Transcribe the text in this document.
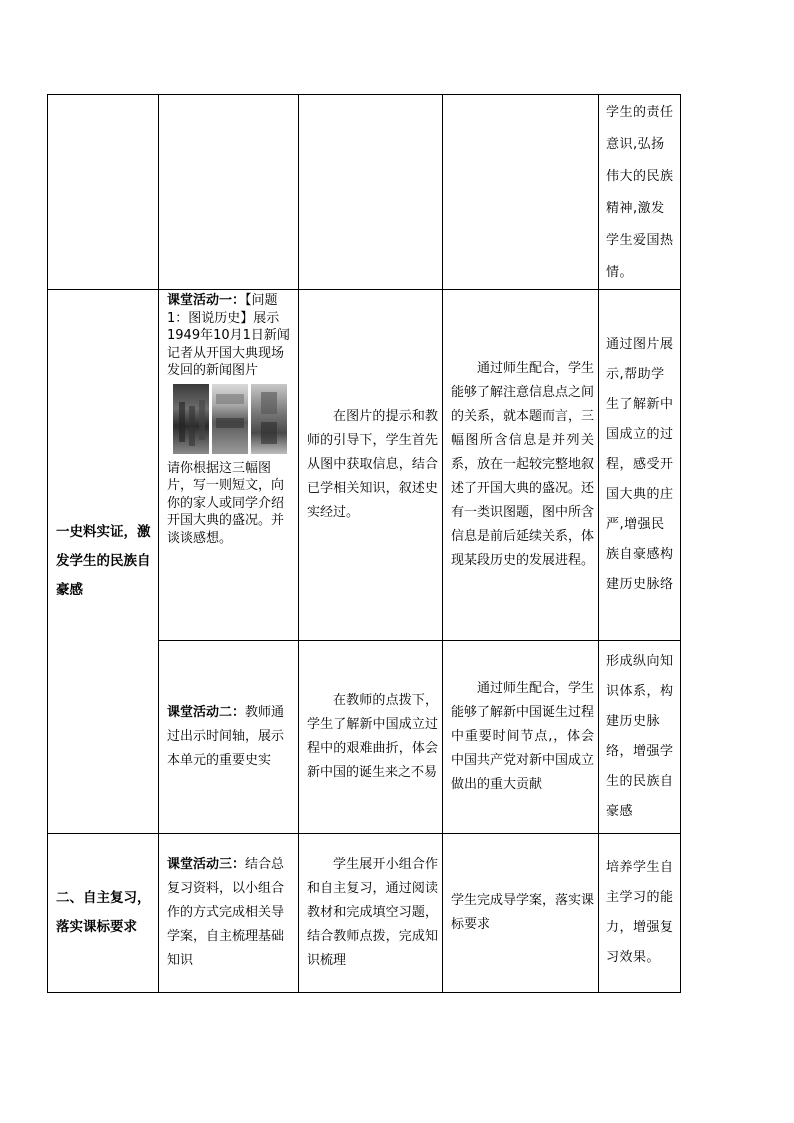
				学生的责任意识,弘扬伟大的民族精神,激发学生爱国热情。
一史料实证，激发学生的民族自豪感	课堂活动一：【问题1：图说历史】展示1949年10月1日新闻记者从开国大典现场发回的新闻图片
请你根据这三幅图片，写一则短文，向你的家人或同学介绍开国大典的盛况。并谈谈感想。	在图片的提示和教师的引导下，学生首先从图中获取信息，结合已学相关知识，叙述史实经过。	通过师生配合，学生能够了解注意信息点之间的关系，就本题而言，三幅图所含信息是并列关系，放在一起较完整地叙述了开国大典的盛况。还有一类识图题，图中所含信息是前后延续关系，体现某段历史的发展进程。	通过图片展示,帮助学生了解新中国成立的过程，感受开国大典的庄严,增强民族自豪感构建历史脉络
	课堂活动二：教师通过出示时间轴，展示本单元的重要史实	在教师的点拨下，学生了解新中国成立过程中的艰难曲折，体会新中国的诞生来之不易	通过师生配合，学生能够了解新中国诞生过程中重要时间节点,，体会中国共产党对新中国成立做出的重大贡献	形成纵向知识体系，构建历史脉络，增强学生的民族自豪感
二、自主复习，落实课标要求	课堂活动三：结合总复习资料，以小组合作的方式完成相关导学案，自主梳理基础知识	学生展开小组合作和自主复习，通过阅读教材和完成填空习题，结合教师点拨，完成知识梳理	学生完成导学案，落实课标要求	培养学生自主学习的能力，增强复习效果。
